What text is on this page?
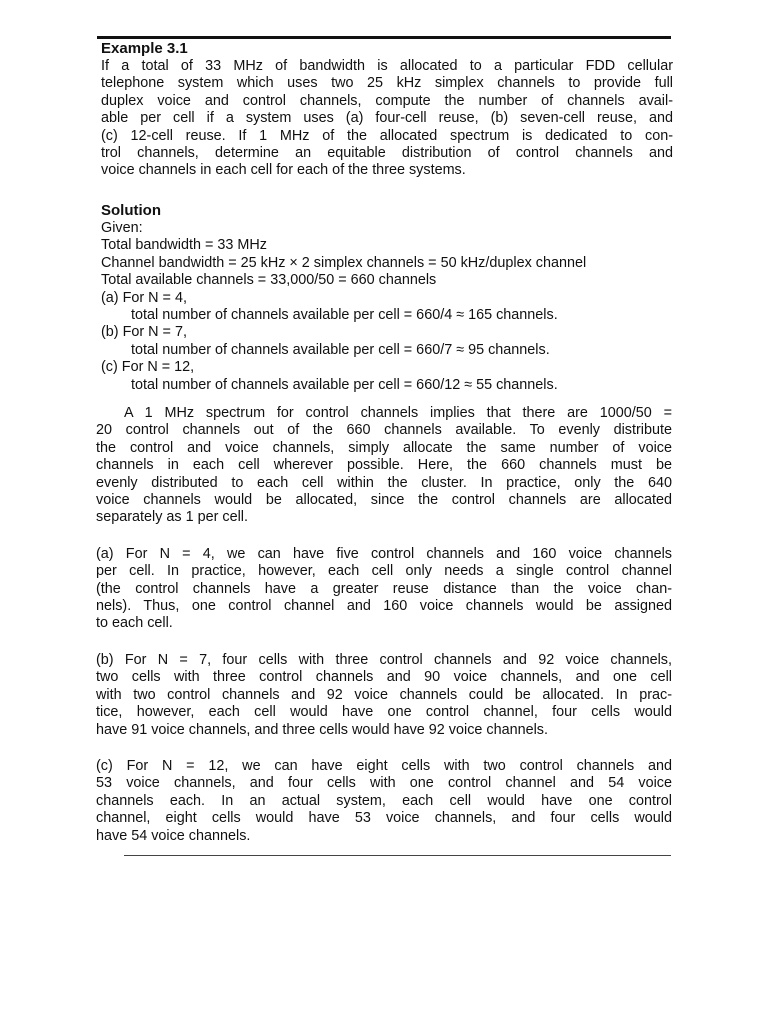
Example 3.1
If a total of 33 MHz of bandwidth is allocated to a particular FDD cellular
telephone system which uses two 25 kHz simplex channels to provide full
duplex voice and control channels, compute the number of channels avail-
able per cell if a system uses (a) four-cell reuse, (b) seven-cell reuse, and
(c) 12-cell reuse. If 1 MHz of the allocated spectrum is dedicated to con-
trol channels, determine an equitable distribution of control channels and
voice channels in each cell for each of the three systems.
Solution
Given:
Total bandwidth = 33 MHz
Channel bandwidth = 25 kHz × 2 simplex channels = 50 kHz/duplex channel
Total available channels = 33,000/50 = 660 channels
(a) For N = 4,
total number of channels available per cell = 660/4 ≈ 165 channels.
(b) For N = 7,
total number of channels available per cell = 660/7 ≈ 95 channels.
(c) For N = 12,
total number of channels available per cell = 660/12 ≈ 55 channels.
A 1 MHz spectrum for control channels implies that there are 1000/50 =
20 control channels out of the 660 channels available. To evenly distribute
the control and voice channels, simply allocate the same number of voice
channels in each cell wherever possible. Here, the 660 channels must be
evenly distributed to each cell within the cluster. In practice, only the 640
voice channels would be allocated, since the control channels are allocated
separately as 1 per cell.
(a) For N = 4, we can have five control channels and 160 voice channels
per cell. In practice, however, each cell only needs a single control channel
(the control channels have a greater reuse distance than the voice chan-
nels). Thus, one control channel and 160 voice channels would be assigned
to each cell.
(b) For N = 7, four cells with three control channels and 92 voice channels,
two cells with three control channels and 90 voice channels, and one cell
with two control channels and 92 voice channels could be allocated. In prac-
tice, however, each cell would have one control channel, four cells would
have 91 voice channels, and three cells would have 92 voice channels.
(c) For N = 12, we can have eight cells with two control channels and
53 voice channels, and four cells with one control channel and 54 voice
channels each. In an actual system, each cell would have one control
channel, eight cells would have 53 voice channels, and four cells would
have 54 voice channels.
